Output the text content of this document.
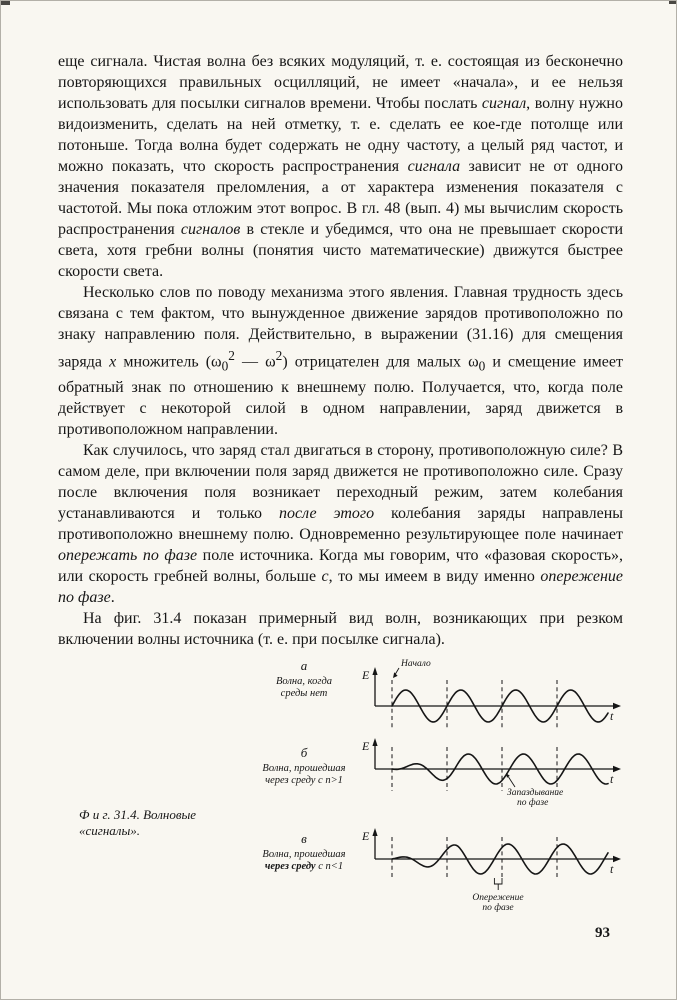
еще сигнала. Чистая волна без всяких модуляций, т. е. состоящая из бесконечно повторяющихся правильных осцилляций, не имеет «начала», и ее нельзя использовать для посылки сигналов времени. Чтобы послать сигнал, волну нужно видоизменить, сделать на ней отметку, т. е. сделать ее кое-где потолще или потоньше. Тогда волна будет содержать не одну частоту, а целый ряд частот, и можно показать, что скорость распространения сигнала зависит не от одного значения показателя преломления, а от характера изменения показателя с частотой. Мы пока отложим этот вопрос. В гл. 48 (вып. 4) мы вычислим скорость распространения сигналов в стекле и убедимся, что она не превышает скорости света, хотя гребни волны (понятия чисто математические) движутся быстрее скорости света.

Несколько слов по поводу механизма этого явления. Главная трудность здесь связана с тем фактом, что вынужденное движение зарядов противоположно по знаку направлению поля. Действительно, в выражении (31.16) для смещения заряда x множитель ($\omega_0^2$ — $\omega^2$) отрицателен для малых $\omega_0$ и смещение имеет обратный знак по отношению к внешнему полю. Получается, что, когда поле действует с некоторой силой в одном направлении, заряд движется в противоположном направлении.

Как случилось, что заряд стал двигаться в сторону, противоположную силе? В самом деле, при включении поля заряд движется не противоположно силе. Сразу после включения поля возникает переходный режим, затем колебания устанавливаются и только после этого колебания заряды направлены противоположно внешнему полю. Одновременно результирующее поле начинает опережать по фазе поле источника. Когда мы говорим, что «фазовая скорость», или скорость гребней волны, больше c, то мы имеем в виду именно опережение по фазе.

На фиг. 31.4 показан примерный вид волн, возникающих при резком включении волны источника (т. е. при посылке сигнала).

Ф и г. 31.4. Волновые «сигналы».
а
Волна, когда
среды нет
Начало
E
t
б
Волна, прошедшая
через среду с n>1
E
t
Запаздывание
по фазе
в
Волна, прошедшая
через среду с n<1
E
t
Опережение
по фазе
93
